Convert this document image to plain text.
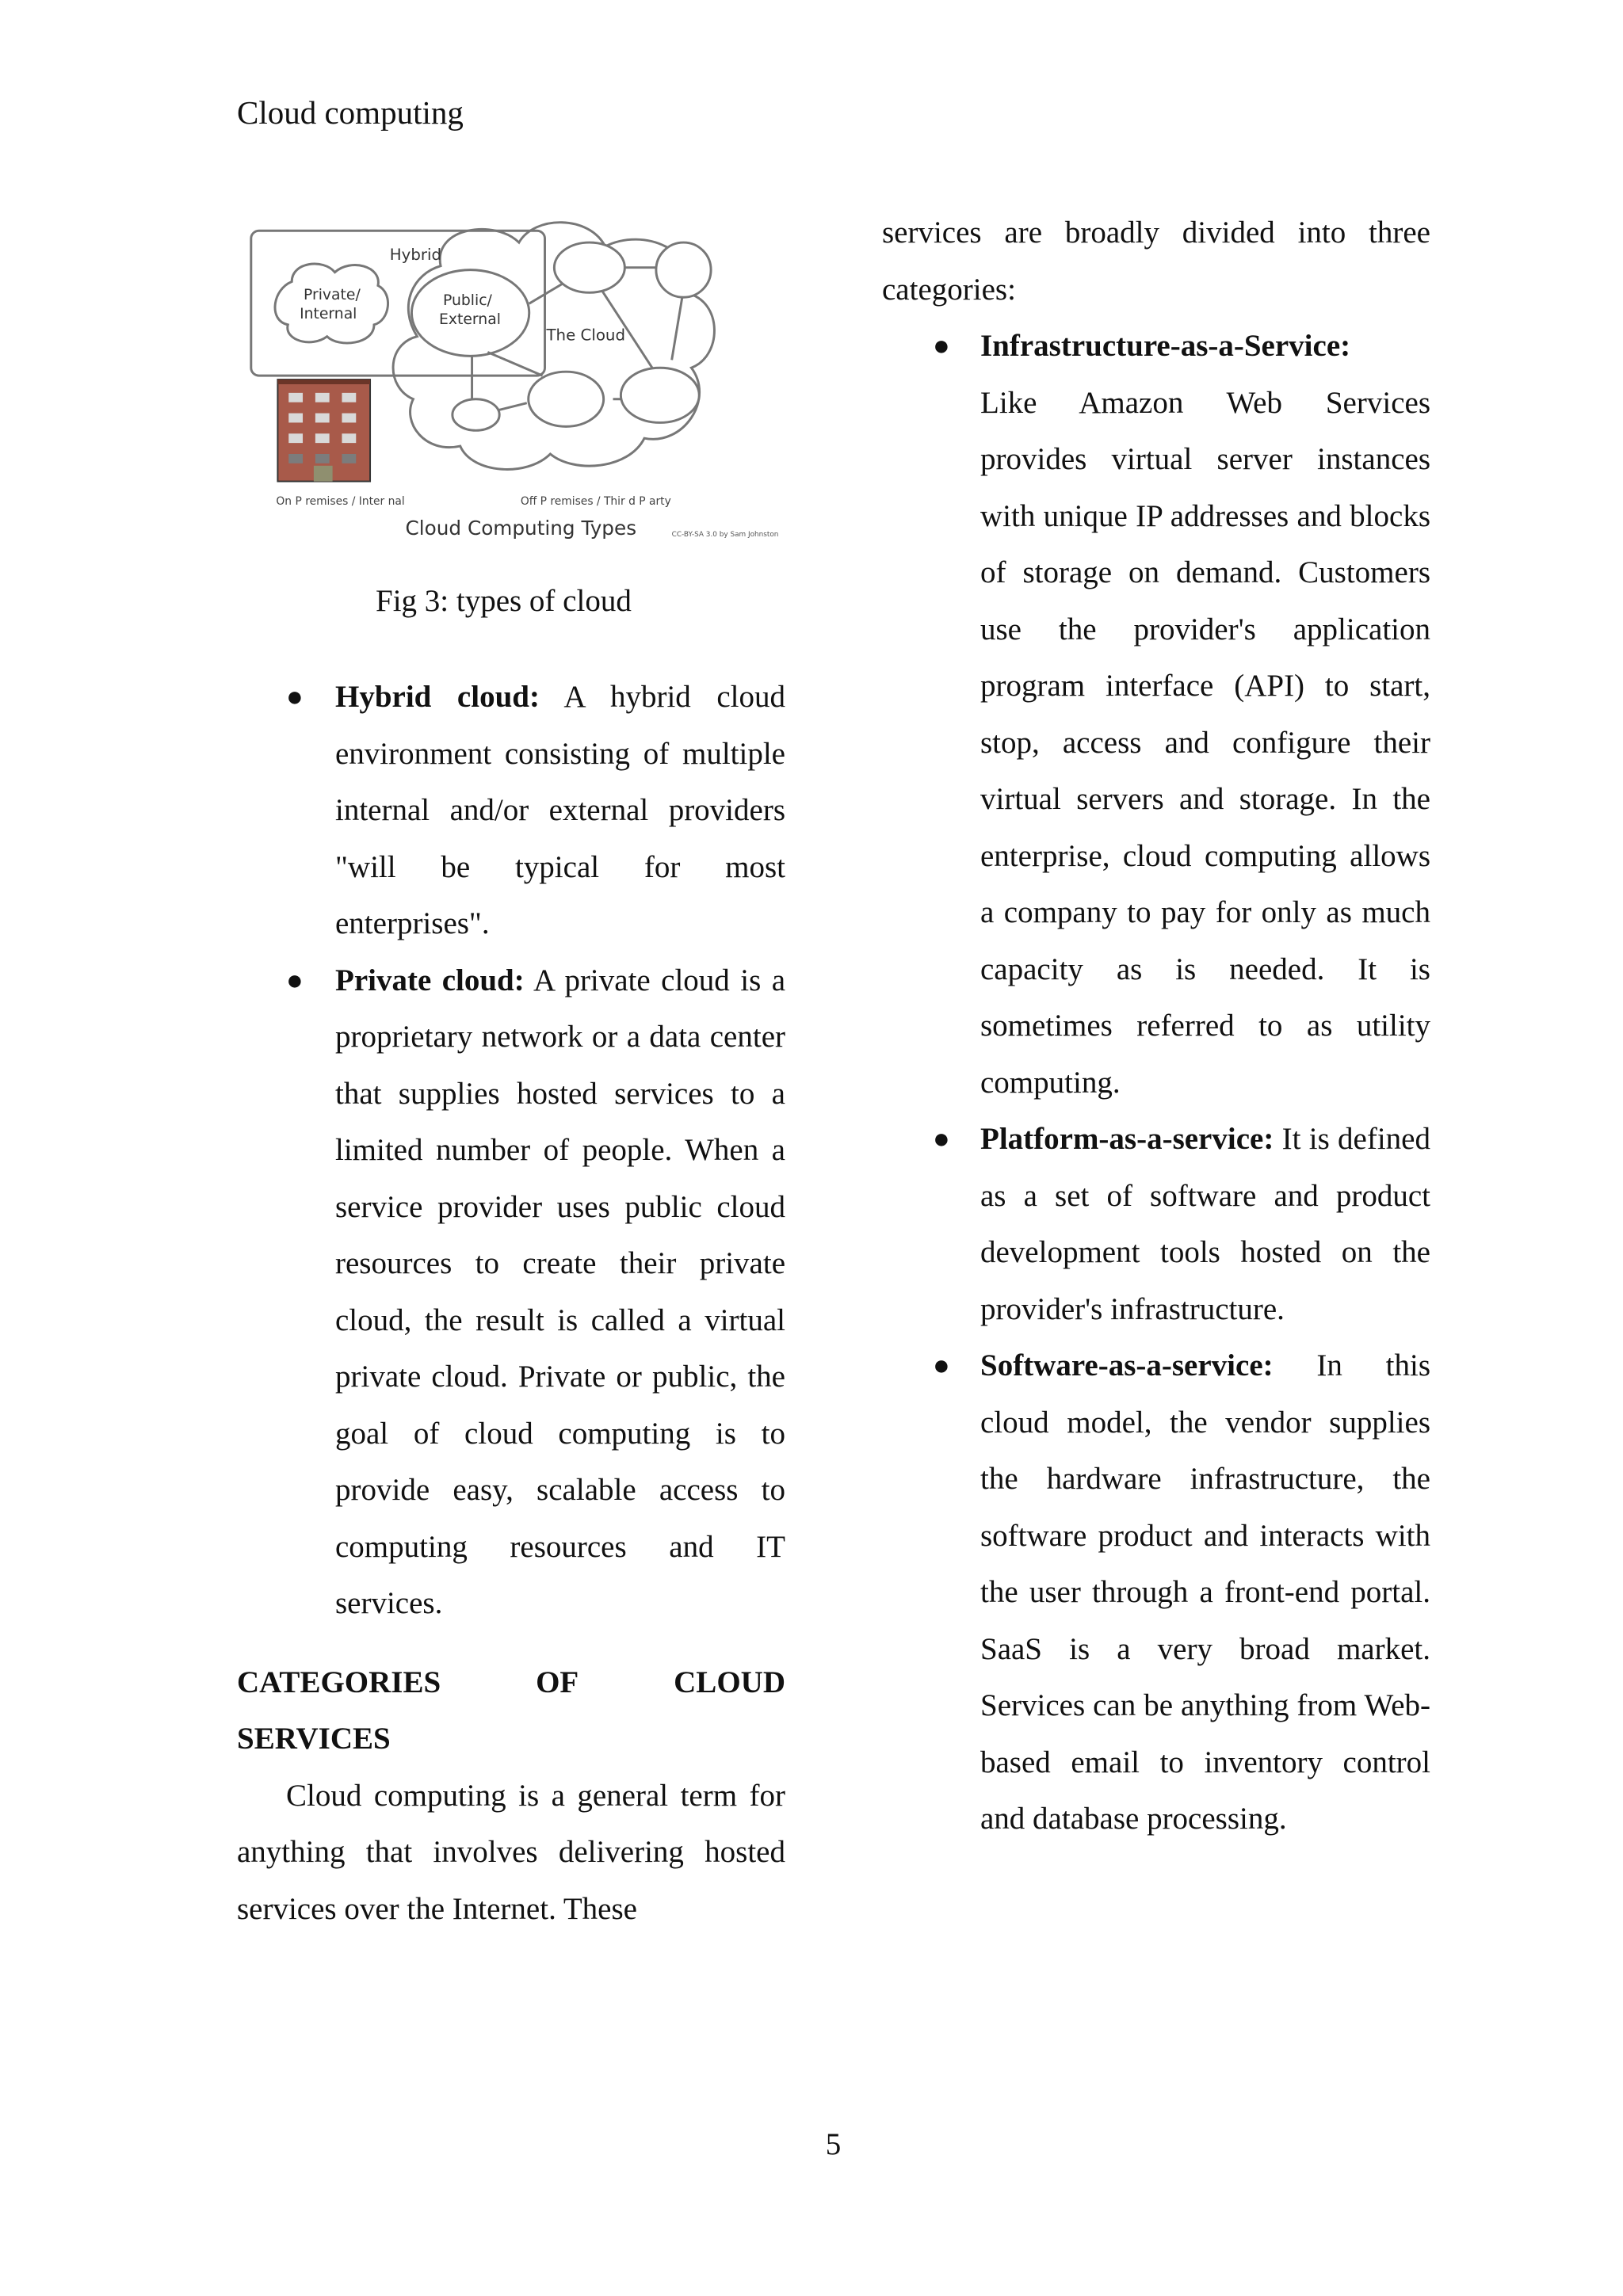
Cloud computing
Hybrid
Private/
Internal
Public/
External
The Cloud
On P remises / Inter nal	Off P remises / Thir d P arty
Cloud Computing Types	CC-BY-SA 3.0 by Sam Johnston
Fig 3: types of cloud
● Hybrid cloud: A hybrid cloud environment consisting of multiple internal and/or external providers "will be typical for most enterprises".
● Private cloud: A private cloud is a proprietary network or a data center that supplies hosted services to a limited number of people. When a service provider uses public cloud resources to create their private cloud, the result is called a virtual private cloud. Private or public, the goal of cloud computing is to provide easy, scalable access to computing resources and IT services.
CATEGORIES	OF	CLOUD
SERVICES
Cloud computing is a general term for anything that involves delivering hosted services over the Internet. These
services are broadly divided into three categories:
● Infrastructure-as-a-Service:
Like Amazon Web Services provides virtual server instances with unique IP addresses and blocks of storage on demand. Customers use the provider's application program interface (API) to start, stop, access and configure their virtual servers and storage. In the enterprise, cloud computing allows a company to pay for only as much capacity as is needed. It is sometimes referred to as utility computing.
● Platform-as-a-service: It is defined as a set of software and product development tools hosted on the provider's infrastructure.
● Software-as-a-service: In this cloud model, the vendor supplies the hardware infrastructure, the software product and interacts with the user through a front-end portal. SaaS is a very broad market. Services can be anything from Web-based email to inventory control and database processing.
5
